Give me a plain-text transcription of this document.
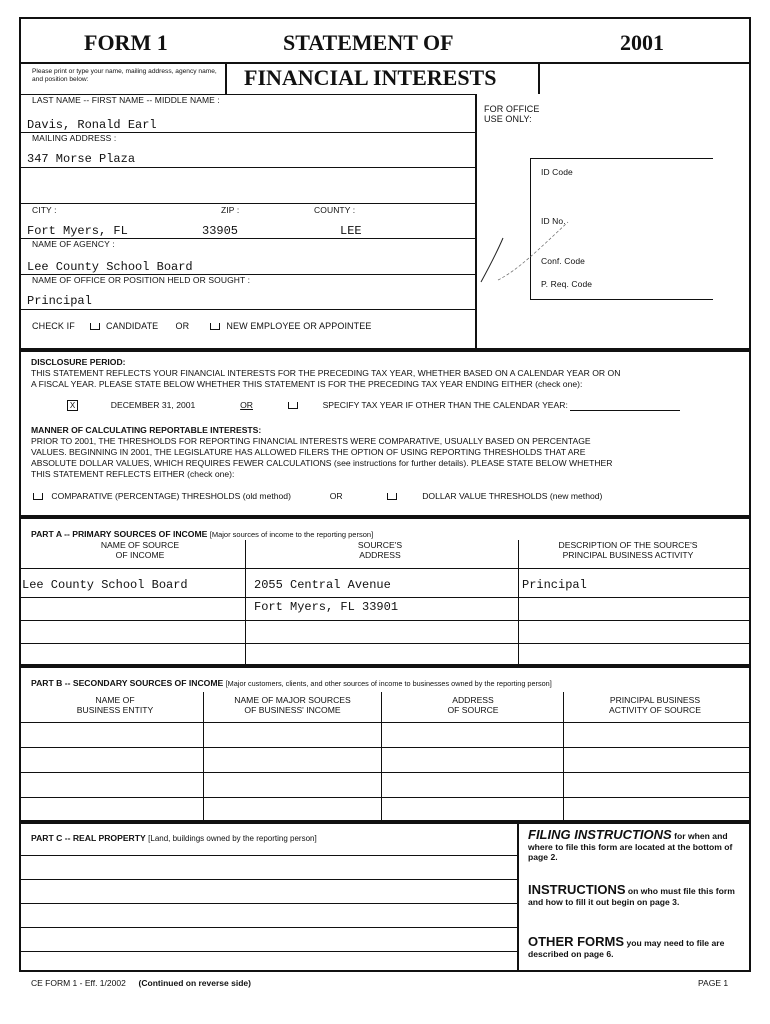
FORM 1	STATEMENT OF	2001
FINANCIAL INTERESTS
Please print or type your name, mailing address, agency name, and position below:
LAST NAME -- FIRST NAME -- MIDDLE NAME :
Davis, Ronald Earl
MAILING ADDRESS :
347 Morse Plaza
CITY :	ZIP :	COUNTY :
Fort Myers, FL	33905	LEE
NAME OF AGENCY :
Lee County School Board
NAME OF OFFICE OR POSITION HELD OR SOUGHT :
Principal
CHECK IF	CANDIDATE OR	NEW EMPLOYEE OR APPOINTEE
FOR OFFICE
USE ONLY:
ID Code
ID No.
Conf. Code
P. Req. Code
DISCLOSURE PERIOD:
THIS STATEMENT REFLECTS YOUR FINANCIAL INTERESTS FOR THE PRECEDING TAX YEAR, WHETHER BASED ON A CALENDAR YEAR OR ON
A FISCAL YEAR. PLEASE STATE BELOW WHETHER THIS STATEMENT IS FOR THE PRECEDING TAX YEAR ENDING EITHER (check one):
X	DECEMBER 31, 2001	OR	SPECIFY TAX YEAR IF OTHER THAN THE CALENDAR YEAR:
MANNER OF CALCULATING REPORTABLE INTERESTS:
PRIOR TO 2001, THE THRESHOLDS FOR REPORTING FINANCIAL INTERESTS WERE COMPARATIVE, USUALLY BASED ON PERCENTAGE
VALUES. BEGINNING IN 2001, THE LEGISLATURE HAS ALLOWED FILERS THE OPTION OF USING REPORTING THRESHOLDS THAT ARE
ABSOLUTE DOLLAR VALUES, WHICH REQUIRES FEWER CALCULATIONS (see instructions for further details). PLEASE STATE BELOW WHETHER
THIS STATEMENT REFLECTS EITHER (check one):
COMPARATIVE (PERCENTAGE) THRESHOLDS (old method)	OR	DOLLAR VALUE THRESHOLDS (new method)
PART A -- PRIMARY SOURCES OF INCOME [Major sources of income to the reporting person]
NAME OF SOURCE
OF INCOME
SOURCE'S
ADDRESS
DESCRIPTION OF THE SOURCE'S
PRINCIPAL BUSINESS ACTIVITY
Lee County School Board	2055 Central Avenue	Principal
Fort Myers, FL 33901
PART B -- SECONDARY SOURCES OF INCOME [Major customers, clients, and other sources of income to businesses owned by the reporting person]
NAME OF
BUSINESS ENTITY
NAME OF MAJOR SOURCES
OF BUSINESS' INCOME
ADDRESS
OF SOURCE
PRINCIPAL BUSINESS
ACTIVITY OF SOURCE
PART C -- REAL PROPERTY [Land, buildings owned by the reporting person]	FILING INSTRUCTIONS for when and where to file this form are located at the bottom of page 2.
INSTRUCTIONS on who must file this form and how to fill it out begin on page 3.
OTHER FORMS you may need to file are described on page 6.
CE FORM 1 - Eff. 1/2002 (Continued on reverse side)	PAGE 1
